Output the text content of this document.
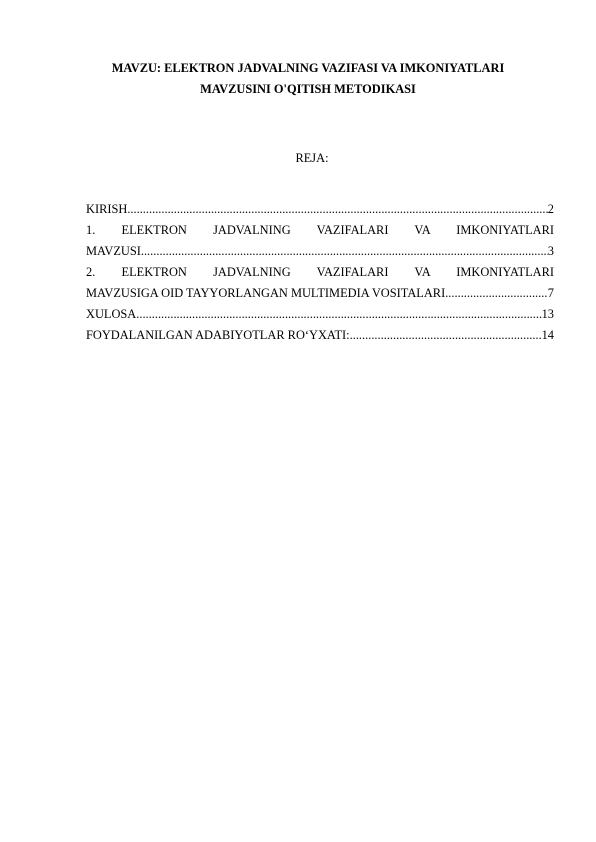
MAVZU: ELEKTRON JADVALNING VAZIFASI VA IMKONIYATLARI
MAVZUSINI O'QITISH METODIKASI
REJA:
KIRISH .....	2
1. ELEKTRON JADVALNING VAZIFALARI VA IMKONIYATLARI
MAVZUSI .....	3
2. ELEKTRON JADVALNING VAZIFALARI VA IMKONIYATLARI
MAVZUSIGA OID TAYYORLANGAN MULTIMEDIA VOSITALARI .....	7
XULOSA .....	13
FOYDALANILGAN ADABIYOTLAR RO‘YXATI: .....	14
